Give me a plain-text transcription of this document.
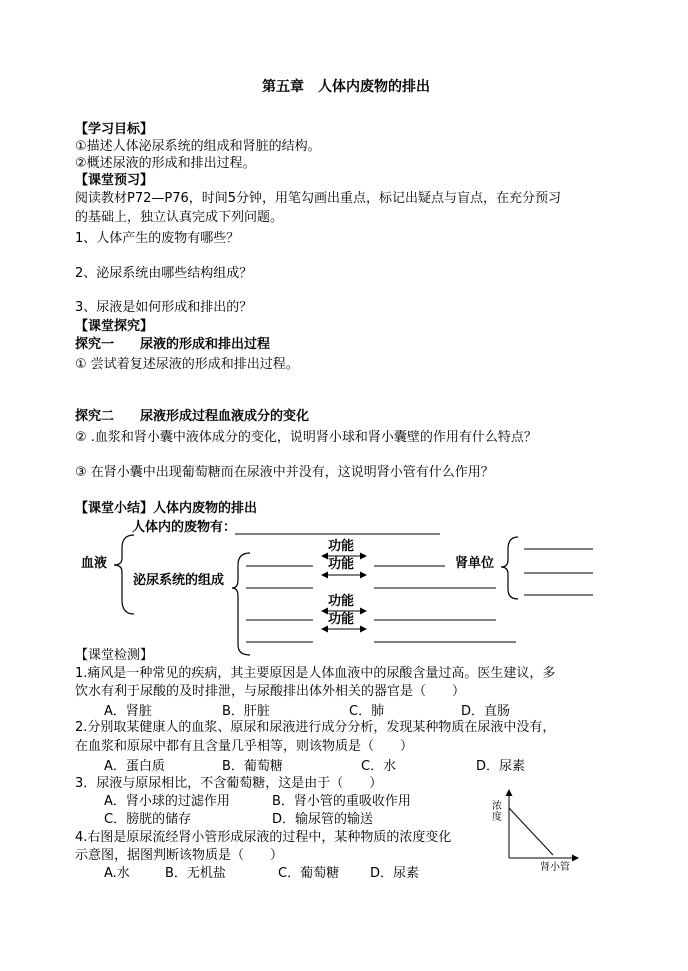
第五章　人体内废物的排出
【学习目标】
①描述人体泌尿系统的组成和肾脏的结构。
②概述尿液的形成和排出过程。
【课堂预习】
阅读教材P72—P76，时间5分钟，用笔勾画出重点，标记出疑点与盲点，在充分预习
的基础上，独立认真完成下列问题。
1、人体产生的废物有哪些？
2、泌尿系统由哪些结构组成？
3、尿液是如何形成和排出的？
【课堂探究】
探究一　　尿液的形成和排出过程
① 尝试着复述尿液的形成和排出过程。
探究二　　尿液形成过程血液成分的变化
② .血浆和肾小囊中液体成分的变化，说明肾小球和肾小囊壁的作用有什么特点？
③ 在肾小囊中出现葡萄糖而在尿液中并没有，这说明肾小管有什么作用？
【课堂小结】人体内废物的排出
人体内的废物有：
血液
泌尿系统的组成
功能
功能
功能
功能
肾单位
浓
度
肾小管
【课堂检测】
1.痛风是一种常见的疾病，其主要原因是人体血液中的尿酸含量过高。医生建议，多
饮水有利于尿酸的及时排泄，与尿酸排出体外相关的器官是（　　）
A．肾脏	B．肝脏	C．肺	D．直肠
2.分别取某健康人的血浆、原尿和尿液进行成分分析，发现某种物质在尿液中没有，
在血浆和原尿中都有且含量几乎相等，则该物质是（　　）
A．蛋白质	B．葡萄糖	C．水	D．尿素
3．尿液与原尿相比，不含葡萄糖，这是由于（　　）
A．肾小球的过滤作用	B．肾小管的重吸收作用
C．膀胱的储存	D．输尿管的输送
4.右图是原尿流经肾小管形成尿液的过程中，某种物质的浓度变化
示意图，据图判断该物质是（　　）
A.水	B．无机盐	C．葡萄糖 D．尿素
